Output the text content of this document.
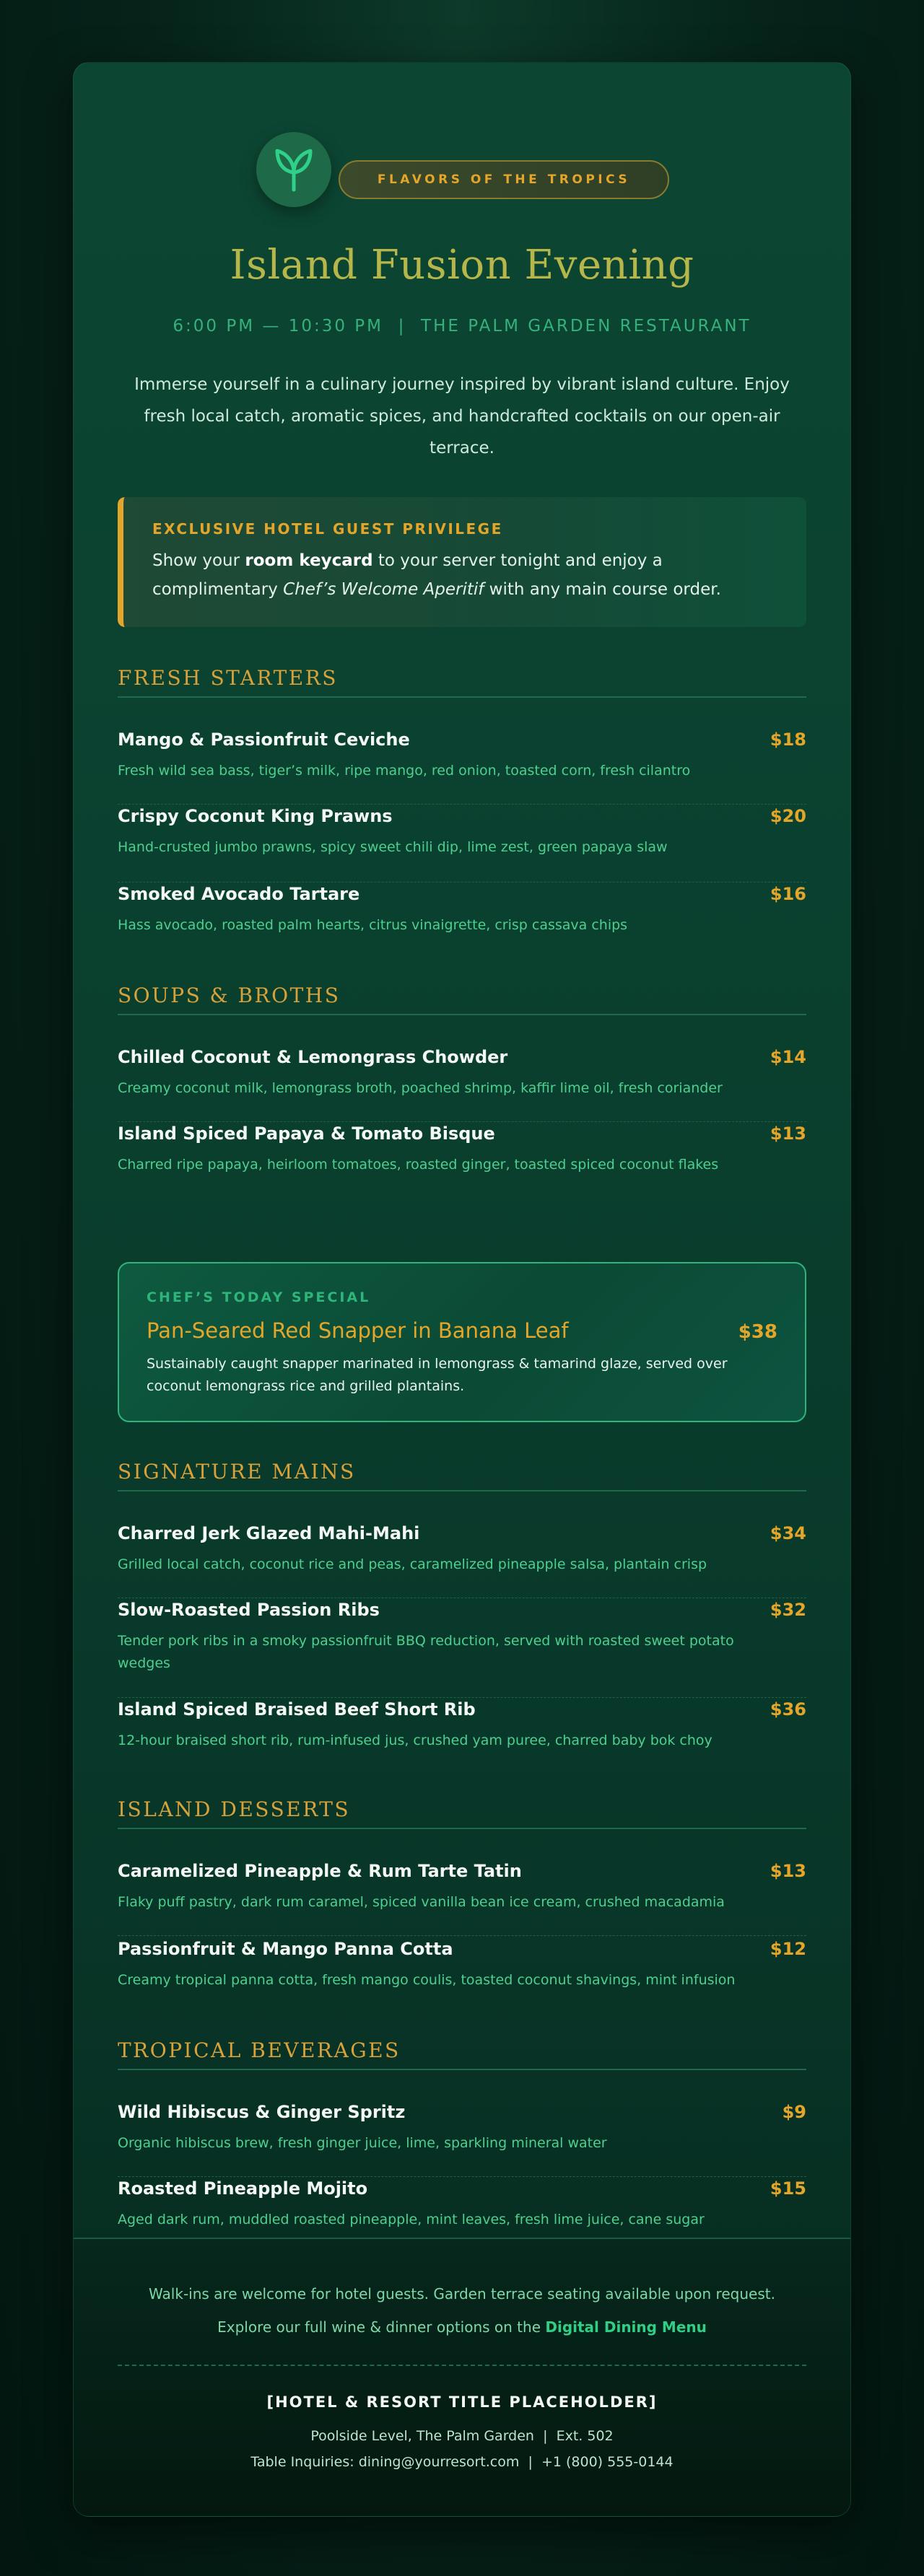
FLAVORS OF THE TROPICS
Island Fusion Evening
6:00 PM — 10:30 PM | THE PALM GARDEN RESTAURANT
Immerse yourself in a culinary journey inspired by vibrant island culture. Enjoy fresh local catch, aromatic spices, and handcrafted cocktails on our open-air terrace.
EXCLUSIVE HOTEL GUEST PRIVILEGE
Show your room keycard to your server tonight and enjoy a complimentary Chef’s Welcome Aperitif with any main course order.
FRESH STARTERS
Mango & Passionfruit Ceviche	$18
Fresh wild sea bass, tiger’s milk, ripe mango, red onion, toasted corn, fresh cilantro
Crispy Coconut King Prawns	$20
Hand-crusted jumbo prawns, spicy sweet chili dip, lime zest, green papaya slaw
Smoked Avocado Tartare	$16
Hass avocado, roasted palm hearts, citrus vinaigrette, crisp cassava chips
SOUPS & BROTHS
Chilled Coconut & Lemongrass Chowder	$14
Creamy coconut milk, lemongrass broth, poached shrimp, kaffir lime oil, fresh coriander
Island Spiced Papaya & Tomato Bisque	$13
Charred ripe papaya, heirloom tomatoes, roasted ginger, toasted spiced coconut flakes
CHEF’S TODAY SPECIAL
Pan-Seared Red Snapper in Banana Leaf	$38
Sustainably caught snapper marinated in lemongrass & tamarind glaze, served over coconut lemongrass rice and grilled plantains.
SIGNATURE MAINS
Charred Jerk Glazed Mahi-Mahi	$34
Grilled local catch, coconut rice and peas, caramelized pineapple salsa, plantain crisp
Slow-Roasted Passion Ribs	$32
Tender pork ribs in a smoky passionfruit BBQ reduction, served with roasted sweet potato wedges
Island Spiced Braised Beef Short Rib	$36
12-hour braised short rib, rum-infused jus, crushed yam puree, charred baby bok choy
ISLAND DESSERTS
Caramelized Pineapple & Rum Tarte Tatin	$13
Flaky puff pastry, dark rum caramel, spiced vanilla bean ice cream, crushed macadamia
Passionfruit & Mango Panna Cotta	$12
Creamy tropical panna cotta, fresh mango coulis, toasted coconut shavings, mint infusion
TROPICAL BEVERAGES
Wild Hibiscus & Ginger Spritz	$9
Organic hibiscus brew, fresh ginger juice, lime, sparkling mineral water
Roasted Pineapple Mojito	$15
Aged dark rum, muddled roasted pineapple, mint leaves, fresh lime juice, cane sugar
Walk-ins are welcome for hotel guests. Garden terrace seating available upon request.
Explore our full wine & dinner options on the Digital Dining Menu
[HOTEL & RESORT TITLE PLACEHOLDER]
Poolside Level, The Palm Garden | Ext. 502
Table Inquiries: dining@yourresort.com | +1 (800) 555-0144
